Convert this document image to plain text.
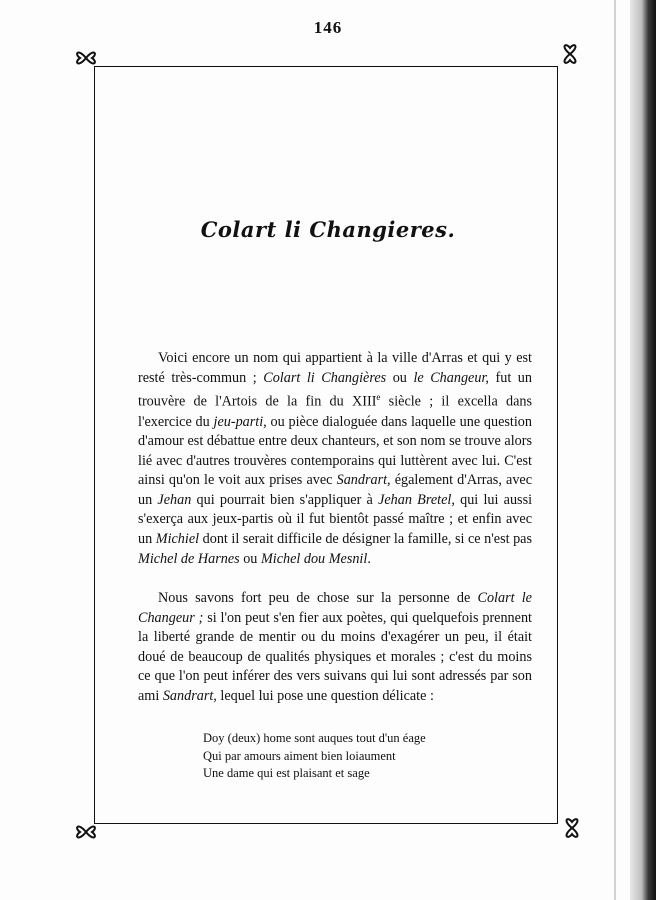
146
Colart li Changieres.

Voici encore un nom qui appartient à la ville d'Arras et qui y est resté très-commun ; Colart li Changières ou le Changeur, fut un trouvère de l'Artois de la fin du XIIIe siècle ; il excella dans l'exercice du jeu-parti, ou pièce dialoguée dans laquelle une question d'amour est débattue entre deux chanteurs, et son nom se trouve alors lié avec d'autres trouvères contemporains qui luttèrent avec lui. C'est ainsi qu'on le voit aux prises avec Sandrart, également d'Arras, avec un Jehan qui pourrait bien s'appliquer à Jehan Bretel, qui lui aussi s'exerça aux jeux-partis où il fut bientôt passé maître ; et enfin avec un Michiel dont il serait difficile de désigner la famille, si ce n'est pas Michel de Harnes ou Michel dou Mesnil.

Nous savons fort peu de chose sur la personne de Colart le Changeur ; si l'on peut s'en fier aux poètes, qui quelquefois prennent la liberté grande de mentir ou du moins d'exagérer un peu, il était doué de beaucoup de qualités physiques et morales ; c'est du moins ce que l'on peut inférer des vers suivans qui lui sont adressés par son ami Sandrart, lequel lui pose une question délicate :

Doy (deux) home sont auques tout d'un éage
Qui par amours aiment bien loiaument
Une dame qui est plaisant et sage
